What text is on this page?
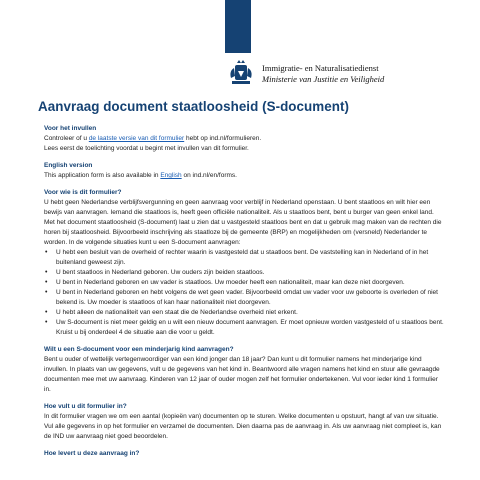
Immigratie- en Naturalisatiedienst
Ministerie van Justitie en Veiligheid
Aanvraag document staatloosheid (S-document)

Voor het invullen

Controleer of u de laatste versie van dit formulier hebt op ind.nl/formulieren.

Lees eerst de toelichting voordat u begint met invullen van dit formulier.

English version

This application form is also available in English on ind.nl/en/forms.

Voor wie is dit formulier?

U hebt geen Nederlandse verblijfsvergunning en geen aanvraag voor verblijf in Nederland openstaan. U bent staatloos en wilt hier een bewijs van aanvragen. Iemand die staatloos is, heeft geen officiële nationaliteit. Als u staatloos bent, bent u burger van geen enkel land. Met het document staatloosheid (S-document) laat u zien dat u vastgesteld staatloos bent en dat u gebruik mag maken van de rechten die horen bij staatloosheid. Bijvoorbeeld inschrijving als staatloze bij de gemeente (BRP) en mogelijkheden om (versneld) Nederlander te worden. In de volgende situaties kunt u een S-document aanvragen:

• U hebt een besluit van de overheid of rechter waarin is vastgesteld dat u staatloos bent. De vaststelling kan in Nederland of in het buitenland geweest zijn.
• U bent staatloos in Nederland geboren. Uw ouders zijn beiden staatloos.
• U bent in Nederland geboren en uw vader is staatloos. Uw moeder heeft een nationaliteit, maar kan deze niet doorgeven.
• U bent in Nederland geboren en hebt volgens de wet geen vader. Bijvoorbeeld omdat uw vader voor uw geboorte is overleden of niet bekend is. Uw moeder is staatloos of kan haar nationaliteit niet doorgeven.
• U hebt alleen de nationaliteit van een staat die de Nederlandse overheid niet erkent.
• Uw S-document is niet meer geldig en u wilt een nieuw document aanvragen. Er moet opnieuw worden vastgesteld of u staatloos bent. Kruist u bij onderdeel 4 de situatie aan die voor u geldt.

Wilt u een S-document voor een minderjarig kind aanvragen?

Bent u ouder of wettelijk vertegenwoordiger van een kind jonger dan 18 jaar? Dan kunt u dit formulier namens het minderjarige kind invullen. In plaats van uw gegevens, vult u de gegevens van het kind in. Beantwoord alle vragen namens het kind en stuur alle gevraagde documenten mee met uw aanvraag. Kinderen van 12 jaar of ouder mogen zelf het formulier ondertekenen. Vul voor ieder kind 1 formulier in.

Hoe vult u dit formulier in?

In dit formulier vragen we om een aantal (kopieën van) documenten op te sturen. Welke documenten u opstuurt, hangt af van uw situatie. Vul alle gegevens in op het formulier en verzamel de documenten. Dien daarna pas de aanvraag in. Als uw aanvraag niet compleet is, kan de IND uw aanvraag niet goed beoordelen.

Hoe levert u deze aanvraag in?
